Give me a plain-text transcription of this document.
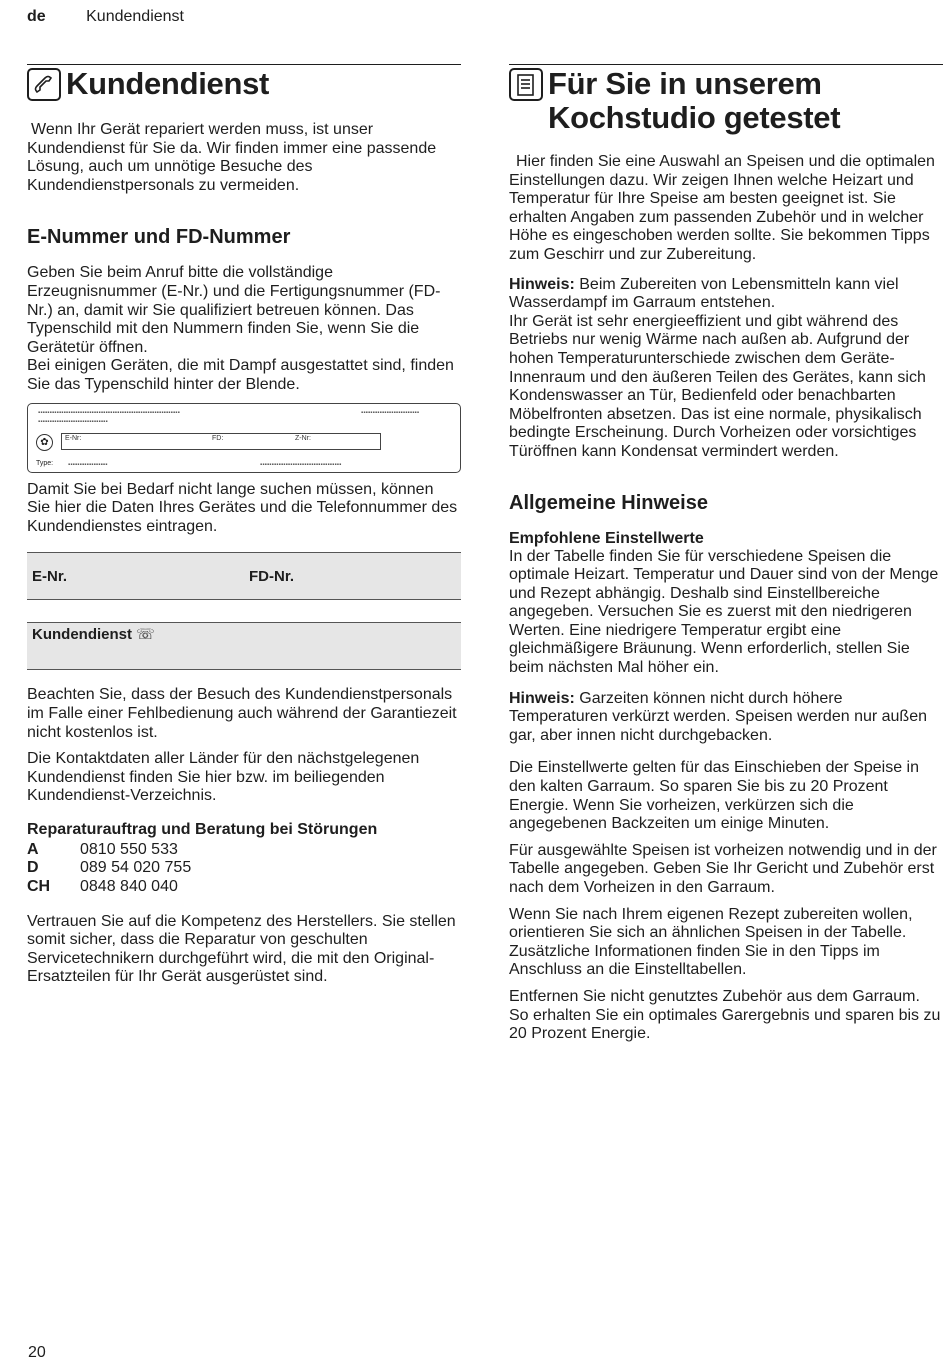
de	Kundendienst
Kundendienst

Wenn Ihr Gerät repariert werden muss, ist unser Kundendienst für Sie da. Wir finden immer eine passende Lösung, auch um unnötige Besuche des Kundendienstpersonals zu vermeiden.

E-Nummer und FD-Nummer

Geben Sie beim Anruf bitte die vollständige Erzeugnisnummer (E-Nr.) und die Fertigungsnummer (FD-Nr.) an, damit wir Sie qualifiziert betreuen können. Das Typenschild mit den Nummern finden Sie, wenn Sie die Gerätetür öffnen.

Bei einigen Geräten, die mit Dampf ausgestattet sind, finden Sie das Typenschild hinter der Blende.

▪▪▪▪▪▪▪▪▪▪▪▪▪▪▪▪▪▪▪▪▪▪▪▪▪▪▪▪▪▪▪▪▪▪▪▪▪▪▪▪▪▪▪▪▪▪▪▪▪▪▪▪▪▪▪▪▪▪▪▪▪
▪▪▪▪▪▪▪▪▪▪▪▪▪▪▪▪▪▪▪▪▪▪▪▪▪▪▪▪▪▪
▪▪▪▪▪▪▪▪▪▪▪▪▪▪▪▪▪▪▪▪▪▪▪▪▪
✿	E-Nr:	FD:	Z-Nr:
Type: ▪▪▪▪▪▪▪▪▪▪▪▪▪▪▪▪▪	▪▪▪▪▪▪▪▪▪▪▪▪▪▪▪▪▪▪▪▪▪▪▪▪▪▪▪▪▪▪▪▪▪▪▪

Damit Sie bei Bedarf nicht lange suchen müssen, können Sie hier die Daten Ihres Gerätes und die Telefonnummer des Kundendienstes eintragen.

E-Nr.	FD-Nr.
Kundendienst ☏

Beachten Sie, dass der Besuch des Kundendienstpersonals im Falle einer Fehlbedienung auch während der Garantiezeit nicht kostenlos ist.

Die Kontaktdaten aller Länder für den nächstgelegenen Kundendienst finden Sie hier bzw. im beiliegenden Kundendienst-Verzeichnis.

Reparaturauftrag und Beratung bei Störungen
A	0810 550 533
D	089 54 020 755
CH	0848 840 040

Vertrauen Sie auf die Kompetenz des Herstellers. Sie stellen somit sicher, dass die Reparatur von geschulten Servicetechnikern durchgeführt wird, die mit den Original-Ersatzteilen für Ihr Gerät ausgerüstet sind.

Für Sie in unserem Kochstudio getestet

Hier finden Sie eine Auswahl an Speisen und die optimalen Einstellungen dazu. Wir zeigen Ihnen welche Heizart und Temperatur für Ihre Speise am besten geeignet ist. Sie erhalten Angaben zum passenden Zubehör und in welcher Höhe es eingeschoben werden sollte. Sie bekommen Tipps zum Geschirr und zur Zubereitung.

Hinweis: Beim Zubereiten von Lebensmitteln kann viel Wasserdampf im Garraum entstehen.

Ihr Gerät ist sehr energieeffizient und gibt während des Betriebs nur wenig Wärme nach außen ab. Aufgrund der hohen Temperaturunterschiede zwischen dem Geräte-Innenraum und den äußeren Teilen des Gerätes, kann sich Kondenswasser an Tür, Bedienfeld oder benachbarten Möbelfronten absetzen. Das ist eine normale, physikalisch bedingte Erscheinung. Durch Vorheizen oder vorsichtiges Türöffnen kann Kondensat vermindert werden.

Allgemeine Hinweise
Empfohlene Einstellwerte

In der Tabelle finden Sie für verschiedene Speisen die optimale Heizart. Temperatur und Dauer sind von der Menge und Rezept abhängig. Deshalb sind Einstellbereiche angegeben. Versuchen Sie es zuerst mit den niedrigeren Werten. Eine niedrigere Temperatur ergibt eine gleichmäßigere Bräunung. Wenn erforderlich, stellen Sie beim nächsten Mal höher ein.

Hinweis: Garzeiten können nicht durch höhere Temperaturen verkürzt werden. Speisen werden nur außen gar, aber innen nicht durchgebacken.

Die Einstellwerte gelten für das Einschieben der Speise in den kalten Garraum. So sparen Sie bis zu 20 Prozent Energie. Wenn Sie vorheizen, verkürzen sich die angegebenen Backzeiten um einige Minuten.

Für ausgewählte Speisen ist vorheizen notwendig und in der Tabelle angegeben. Geben Sie Ihr Gericht und Zubehör erst nach dem Vorheizen in den Garraum.

Wenn Sie nach Ihrem eigenen Rezept zubereiten wollen, orientieren Sie sich an ähnlichen Speisen in der Tabelle. Zusätzliche Informationen finden Sie in den Tipps im Anschluss an die Einstelltabellen.

Entfernen Sie nicht genutztes Zubehör aus dem Garraum. So erhalten Sie ein optimales Garergebnis und sparen bis zu 20 Prozent Energie.

20
